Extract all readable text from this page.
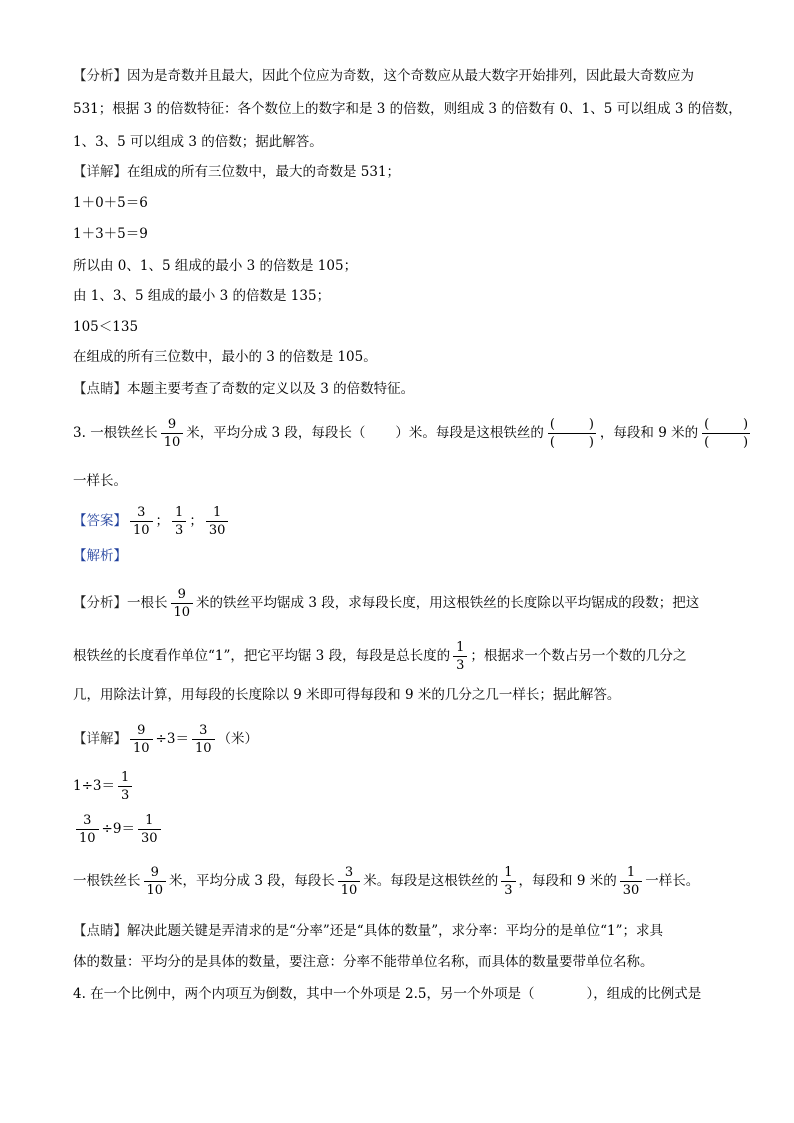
【分析】因为是奇数并且最大，因此个位应为奇数，这个奇数应从最大数字开始排列，因此最大奇数应为
531；根据 3 的倍数特征：各个数位上的数字和是 3 的倍数，则组成 3 的倍数有 0、1、5 可以组成 3 的倍数，
1、3、5 可以组成 3 的倍数；据此解答。
【详解】在组成的所有三位数中，最大的奇数是 531；
1＋0＋5＝6
1＋3＋5＝9
所以由 0、1、5 组成的最小 3 的倍数是 105；
由 1、3、5 组成的最小 3 的倍数是 135；
105＜135
在组成的所有三位数中，最小的 3 的倍数是 105。
【点睛】本题主要考查了奇数的定义以及 3 的倍数特征。
3. 一根铁丝长 $\frac{9}{10}$ 米，平均分成 3 段，每段长（ ）米。每段是这根铁丝的
(	)
(	)
，每段和 9 米的
(	)
(	)
一样长。
【答案】 $\frac{3}{10}$ ； $\frac{1}{3}$ ； $\frac{1}{30}$
【解析】
【分析】一根长 $\frac{9}{10}$ 米的铁丝平均锯成 3 段，求每段长度，用这根铁丝的长度除以平均锯成的段数；把这
根铁丝的长度看作单位“1”，把它平均锯 3 段，每段是总长度的 $\frac{1}{3}$ ；根据求一个数占另一个数的几分之
几，用除法计算，用每段的长度除以 9 米即可得每段和 9 米的几分之几一样长；据此解答。
【详解】 $\frac{9}{10} \div 3= \frac{3}{10}$ （米）
$1\div 3= \frac{1}{3}$
$\frac{3}{10} \div 9= \frac{1}{30}$
一根铁丝长 $\frac{9}{10}$ 米，平均分成 3 段，每段长 $\frac{3}{10}$ 米。每段是这根铁丝的 $\frac{1}{3}$ ，每段和 9 米的 $\frac{1}{30}$ 一样长。
【点睛】解决此题关键是弄清求的是“分率”还是“具体的数量”，求分率：平均分的是单位“1”；求具
体的数量：平均分的是具体的数量，要注意：分率不能带单位名称，而具体的数量要带单位名称。
4. 在一个比例中，两个内项互为倒数，其中一个外项是 2.5，另一个外项是（	），组成的比例式是
